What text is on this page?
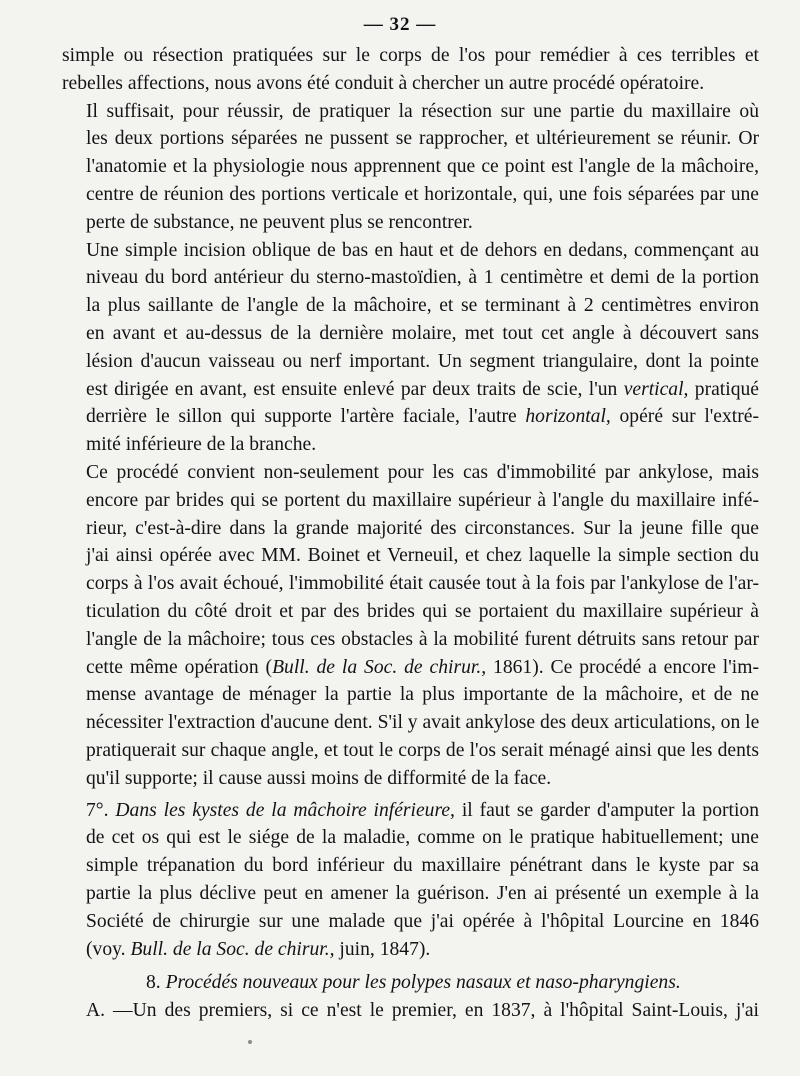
— 32 —

simple ou résection pratiquées sur le corps de l'os pour remédier à ces terribles et
rebelles affections, nous avons été conduit à chercher un autre procédé opératoire.

Il suffisait, pour réussir, de pratiquer la résection sur une partie du maxillaire où
les deux portions séparées ne pussent se rapprocher, et ultérieurement se réunir. Or
l'anatomie et la physiologie nous apprennent que ce point est l'angle de la mâchoire,
centre de réunion des portions verticale et horizontale, qui, une fois séparées par une
perte de substance, ne peuvent plus se rencontrer.

Une simple incision oblique de bas en haut et de dehors en dedans, commençant au
niveau du bord antérieur du sterno-mastoïdien, à 1 centimètre et demi de la portion
la plus saillante de l'angle de la mâchoire, et se terminant à 2 centimètres environ
en avant et au-dessus de la dernière molaire, met tout cet angle à découvert sans
lésion d'aucun vaisseau ou nerf important. Un segment triangulaire, dont la pointe
est dirigée en avant, est ensuite enlevé par deux traits de scie, l'un vertical, pratiqué
derrière le sillon qui supporte l'artère faciale, l'autre horizontal, opéré sur l'extré-
mité inférieure de la branche.

Ce procédé convient non-seulement pour les cas d'immobilité par ankylose, mais
encore par brides qui se portent du maxillaire supérieur à l'angle du maxillaire infé-
rieur, c'est-à-dire dans la grande majorité des circonstances. Sur la jeune fille que
j'ai ainsi opérée avec MM. Boinet et Verneuil, et chez laquelle la simple section du
corps à l'os avait échoué, l'immobilité était causée tout à la fois par l'ankylose de l'ar-
ticulation du côté droit et par des brides qui se portaient du maxillaire supérieur à
l'angle de la mâchoire; tous ces obstacles à la mobilité furent détruits sans retour par
cette même opération (Bull. de la Soc. de chirur., 1861). Ce procédé a encore l'im-
mense avantage de ménager la partie la plus importante de la mâchoire, et de ne
nécessiter l'extraction d'aucune dent. S'il y avait ankylose des deux articulations, on le
pratiquerait sur chaque angle, et tout le corps de l'os serait ménagé ainsi que les dents
qu'il supporte; il cause aussi moins de difformité de la face.

7°. Dans les kystes de la mâchoire inférieure, il faut se garder d'amputer la portion
de cet os qui est le siége de la maladie, comme on le pratique habituellement; une
simple trépanation du bord inférieur du maxillaire pénétrant dans le kyste par sa
partie la plus déclive peut en amener la guérison. J'en ai présenté un exemple à la
Société de chirurgie sur une malade que j'ai opérée à l'hôpital Lourcine en 1846
(voy. Bull. de la Soc. de chirur., juin, 1847).

8. Procédés nouveaux pour les polypes nasaux et naso-pharyngiens.

A. —Un des premiers, si ce n'est le premier, en 1837, à l'hôpital Saint-Louis, j'ai
